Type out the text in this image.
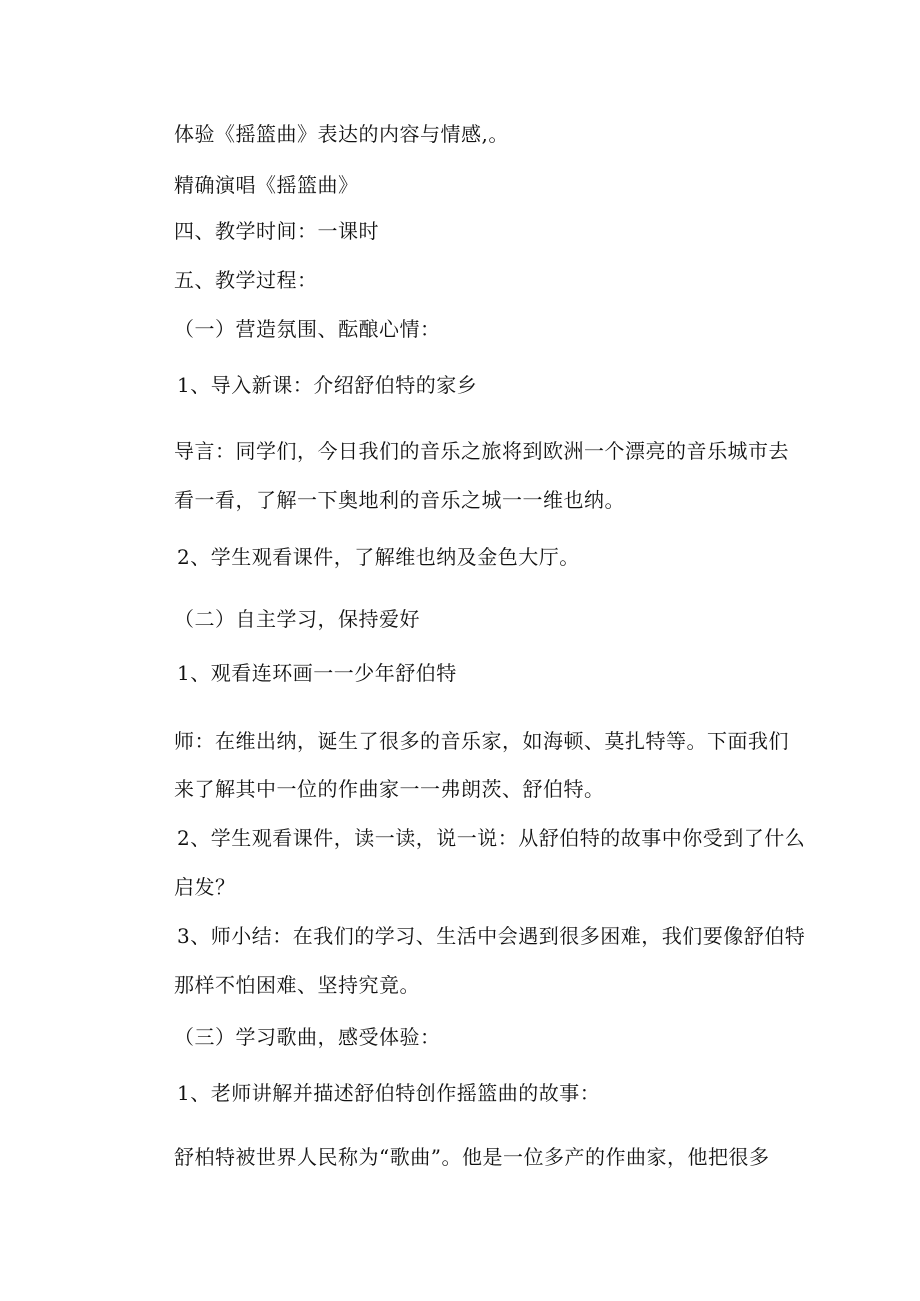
体验《摇篮曲》表达的内容与情感,。
精确演唱《摇篮曲》
四、教学时间：一课时
五、教学过程：
（一）营造氛围、酝酿心情：
1、导入新课：介绍舒伯特的家乡
导言：同学们，今日我们的音乐之旅将到欧洲一个漂亮的音乐城市去
看一看，了解一下奥地利的音乐之城一一维也纳。
2、学生观看课件，了解维也纳及金色大厅。
（二）自主学习，保持爱好
1、观看连环画一一少年舒伯特
师：在维出纳，诞生了很多的音乐家，如海顿、莫扎特等。下面我们
来了解其中一位的作曲家一一弗朗茨、舒伯特。
2、学生观看课件，读一读，说一说：从舒伯特的故事中你受到了什么
启发？
3、师小结：在我们的学习、生活中会遇到很多困难，我们要像舒伯特
那样不怕困难、坚持究竟。
（三）学习歌曲，感受体验：
1、老师讲解并描述舒伯特创作摇篮曲的故事：
舒柏特被世界人民称为“歌曲”。他是一位多产的作曲家，他把很多
